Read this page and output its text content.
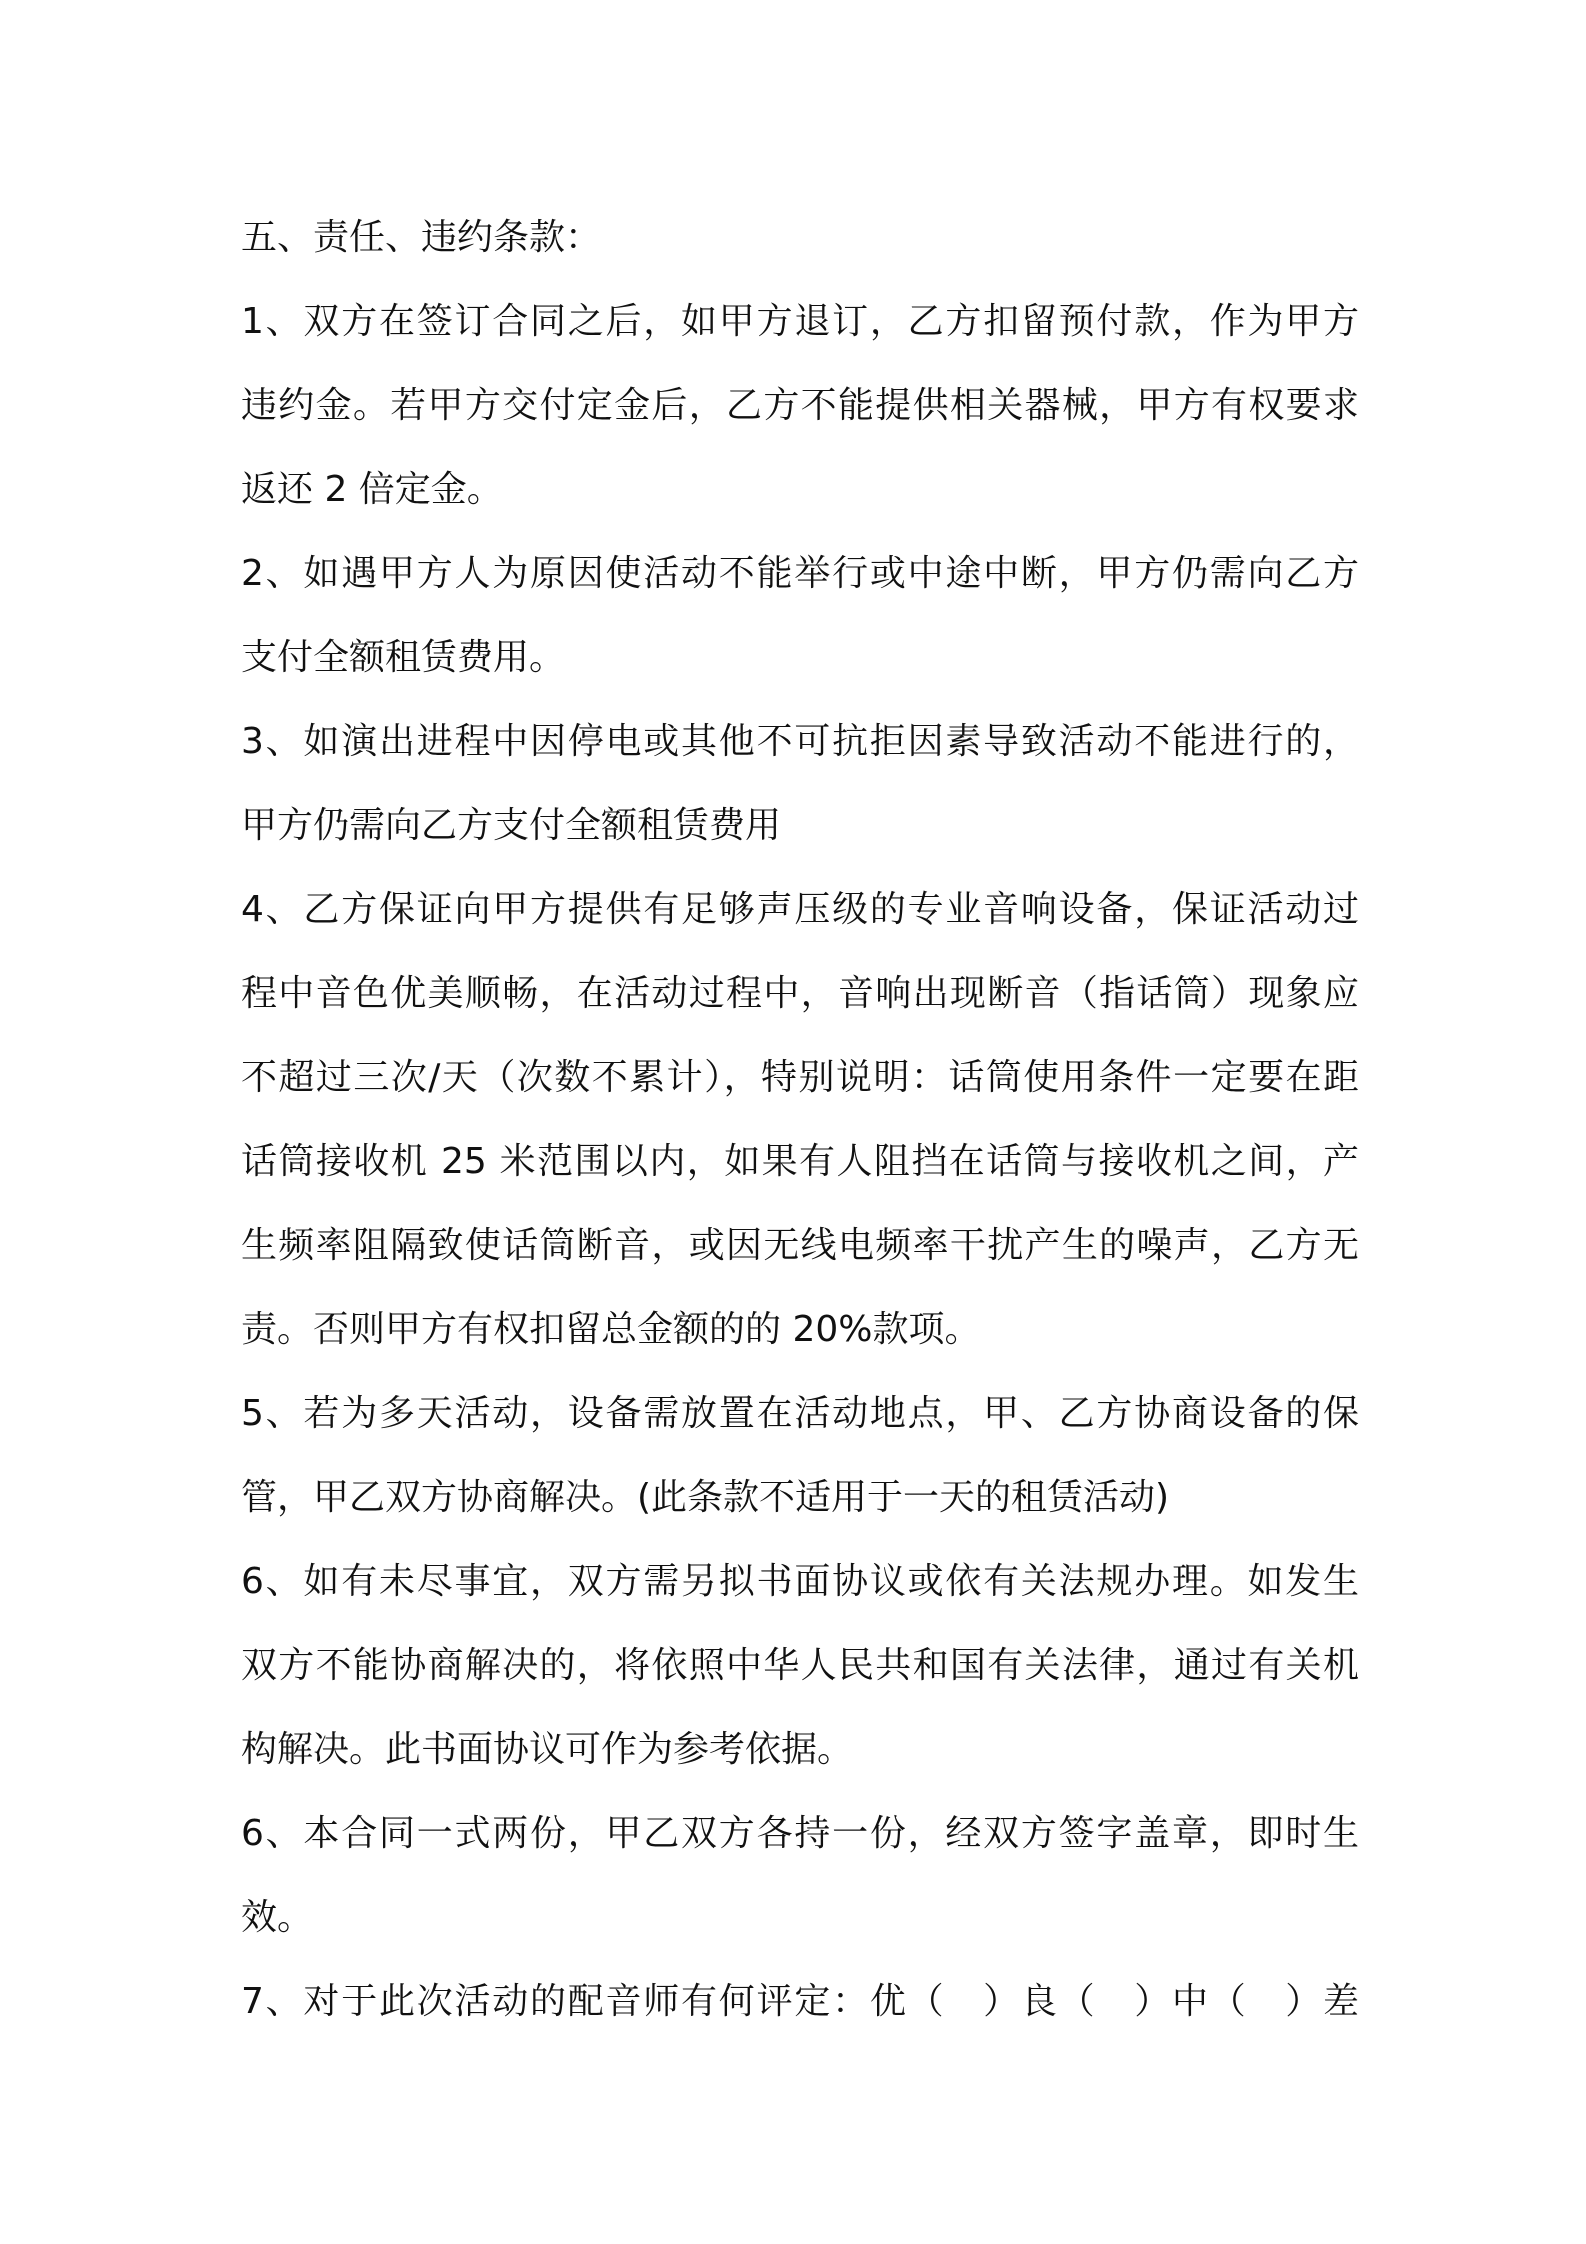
五、责任、违约条款：
1、双方在签订合同之后，如甲方退订，乙方扣留预付款，作为甲方
违约金。若甲方交付定金后，乙方不能提供相关器械，甲方有权要求
返还 2 倍定金。
2、如遇甲方人为原因使活动不能举行或中途中断，甲方仍需向乙方
支付全额租赁费用。
3、如演出进程中因停电或其他不可抗拒因素导致活动不能进行的，
甲方仍需向乙方支付全额租赁费用
4、乙方保证向甲方提供有足够声压级的专业音响设备，保证活动过
程中音色优美顺畅，在活动过程中，音响出现断音（指话筒）现象应
不超过三次/天（次数不累计），特别说明：话筒使用条件一定要在距
话筒接收机 25 米范围以内，如果有人阻挡在话筒与接收机之间，产
生频率阻隔致使话筒断音，或因无线电频率干扰产生的噪声，乙方无
责。否则甲方有权扣留总金额的的 20%款项。
5、若为多天活动，设备需放置在活动地点，甲、乙方协商设备的保
管，甲乙双方协商解决。(此条款不适用于一天的租赁活动)
6、如有未尽事宜，双方需另拟书面协议或依有关法规办理。如发生
双方不能协商解决的，将依照中华人民共和国有关法律，通过有关机
构解决。此书面协议可作为参考依据。
6、本合同一式两份，甲乙双方各持一份，经双方签字盖章，即时生
效。
7、对于此次活动的配音师有何评定：优（　）良（　）中（　）差
